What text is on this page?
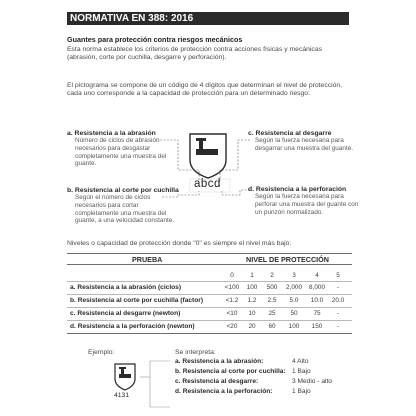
NORMATIVA EN 388: 2016
Guantes para protección contra riesgos mecánicos
Esta norma establece los criterios de protección contra acciones físicas y mecánicas (abrasión, corte por cuchilla, desgarre y perforación).
El pictograma se compone de un código de 4 dígitos que determinan el nivel de protección, cada uno corresponde a la capacidad de protección para un determinado riesgo:
abcd
a. Resistencia a la abrasión
Número de ciclos de abrasión necesarios para desgastar completamente una muestra del guante.
b. Resistencia al corte por cuchilla
Según el número de ciclos necesarios para cortar completamente una muestra del guante, a una velocidad constante.
c. Resistencia al desgarre
Según la fuerza necesaria para desgarrar una muestra del guante.
d. Resistencia a la perforación
Según la fuerza necesaria para perforar una muestra del guante con un punzón normalizado.
Niveles o capacidad de protección donde "0" es siempre el nivel más bajo:
PRUEBA	NIVEL DE PROTECCIÓN
0	1	2	3	4	5
a. Resistencia a la abrasión (ciclos)	<100	100	500	2,000	8,000	-
b. Resistencia al corte por cuchilla (factor)	<1.2	1.2	2.5	5.0	10.0	20.0
c. Resistencia al desgarre (newton)	<10	10	25	50	75	-
d. Resistencia a la perforación (newton)	<20	20	60	100	150	-
Ejemplo:
4131
Se interpreta:
a. Resistencia a la abrasión:	4 Alto
b. Resistencia al corte por cuchilla: 1 Bajo
c. Resistencia al desgarre:	3 Medio - alto
d. Resistencia a la perforación:	1 Bajo
